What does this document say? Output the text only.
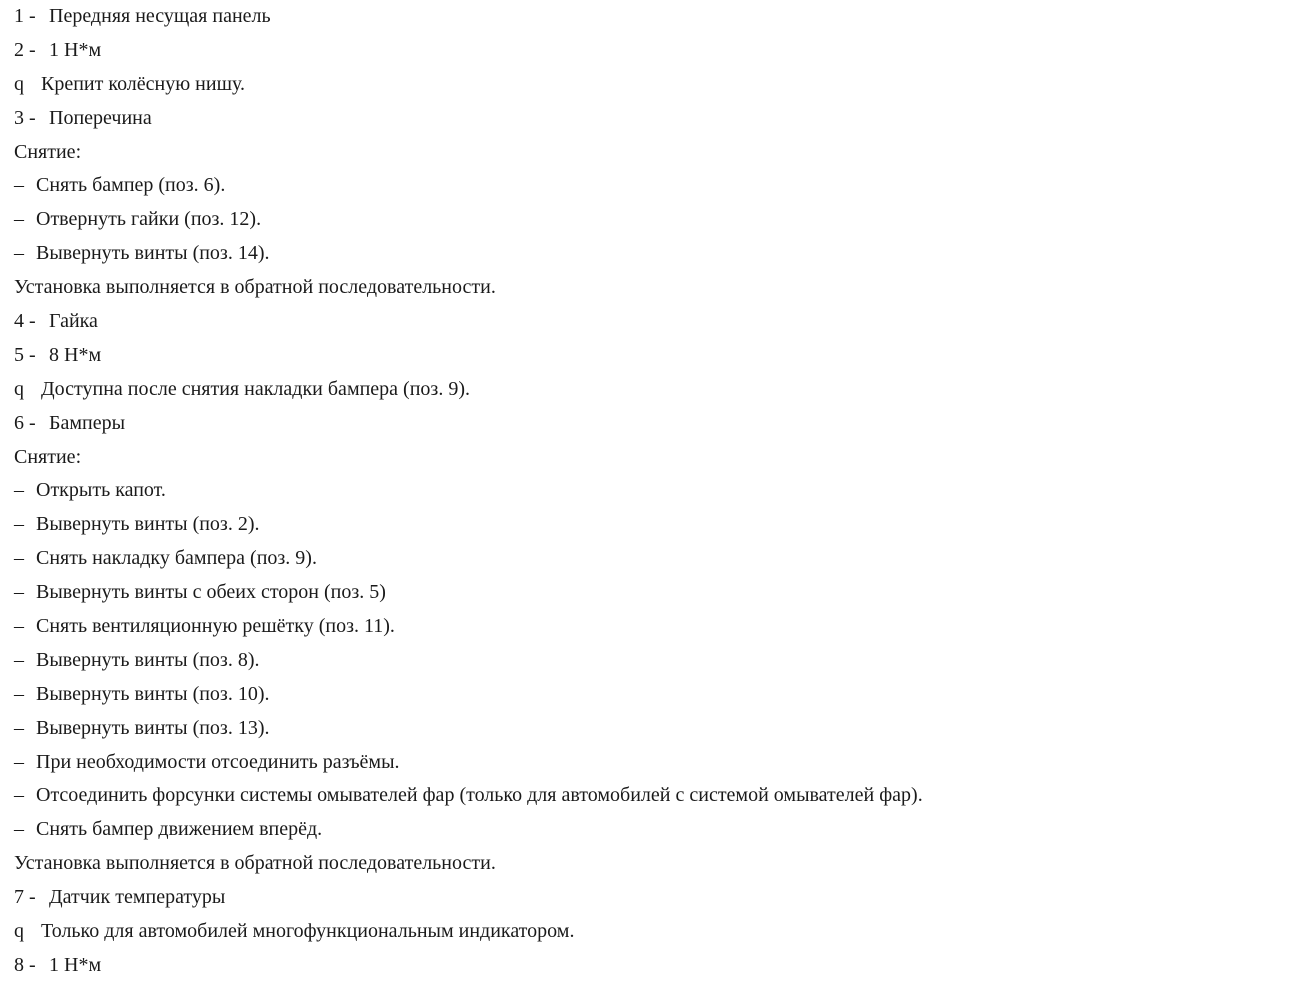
1 - Передняя несущая панель
2 - 1 Н*м
q Крепит колёсную нишу.
3 - Поперечина
Снятие:
– Снять бампер (поз. 6).
– Отвернуть гайки (поз. 12).
– Вывернуть винты (поз. 14).
Установка выполняется в обратной последовательности.
4 - Гайка
5 - 8 Н*м
q Доступна после снятия накладки бампера (поз. 9).
6 - Бамперы
Снятие:
– Открыть капот.
– Вывернуть винты (поз. 2).
– Снять накладку бампера (поз. 9).
– Вывернуть винты с обеих сторон (поз. 5)
– Снять вентиляционную решётку (поз. 11).
– Вывернуть винты (поз. 8).
– Вывернуть винты (поз. 10).
– Вывернуть винты (поз. 13).
– При необходимости отсоединить разъёмы.
– Отсоединить форсунки системы омывателей фар (только для автомобилей с системой омывателей фар).
– Снять бампер движением вперёд.
Установка выполняется в обратной последовательности.
7 - Датчик температуры
q Только для автомобилей многофункциональным индикатором.
8 - 1 Н*м
